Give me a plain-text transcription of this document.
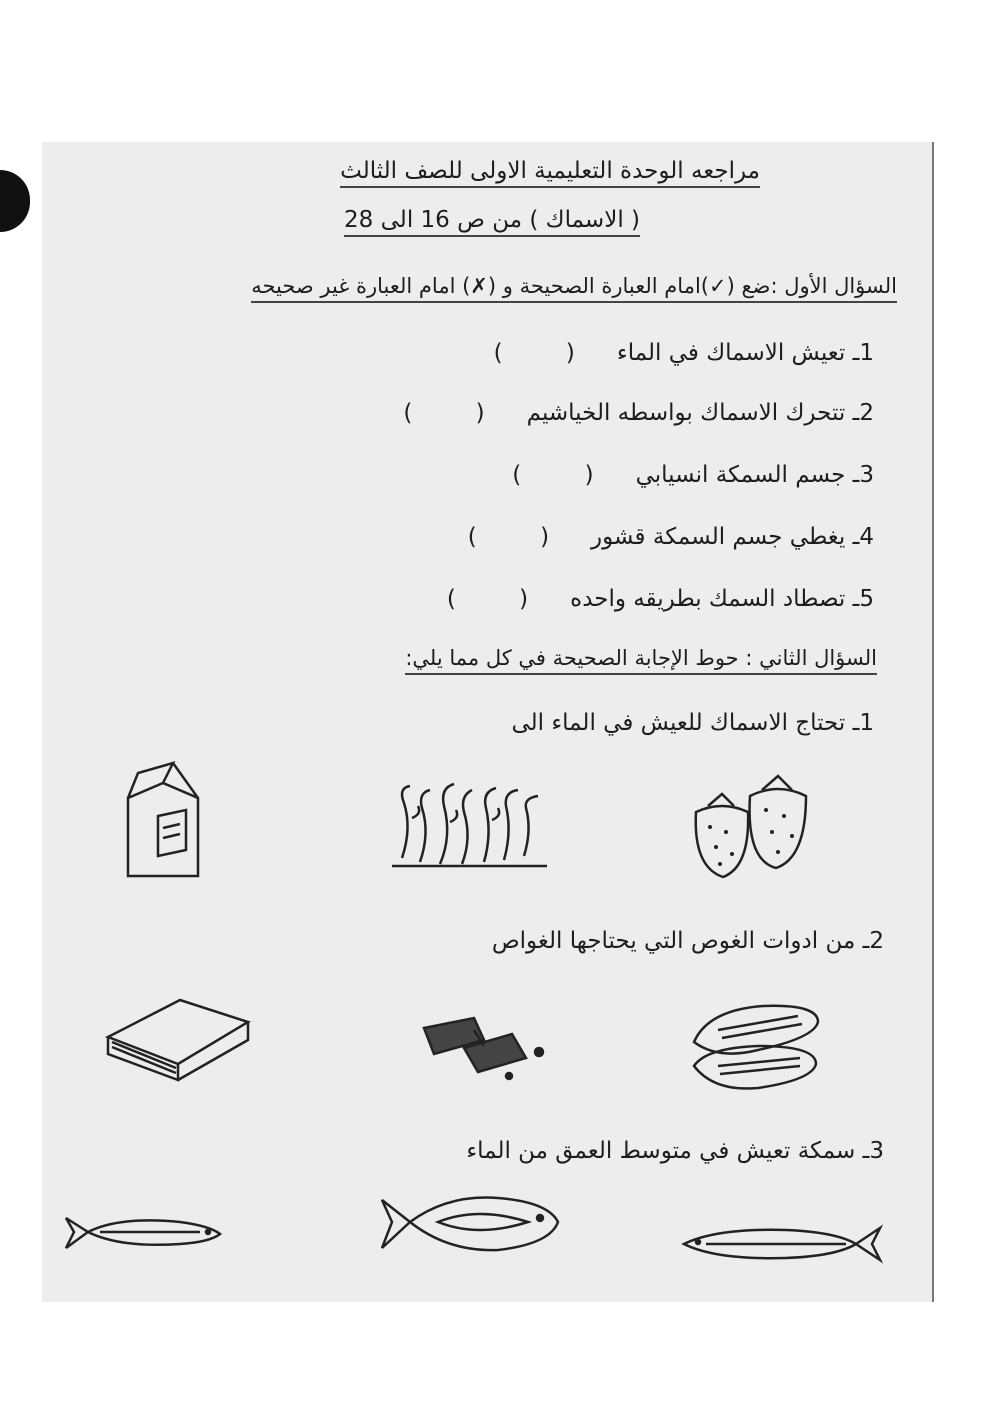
مراجعه الوحدة التعليمية الاولى للصف الثالث
( الاسماك ) من ص 16 الى 28
السؤال الأول :ضع (✓)امام العبارة الصحيحة و (✗) امام العبارة غير صحيحه
1ـ تعيش الاسماك في الماء( )
2ـ تتحرك الاسماك بواسطه الخياشيم( )
3ـ جسم السمكة انسيابي( )
4ـ يغطي جسم السمكة قشور( )
5ـ تصطاد السمك بطريقه واحده( )
السؤال الثاني : حوط الإجابة الصحيحة في كل مما يلي:
1ـ تحتاج الاسماك للعيش في الماء الى
2ـ من ادوات الغوص التي يحتاجها الغواص
3ـ سمكة تعيش في متوسط العمق من الماء
